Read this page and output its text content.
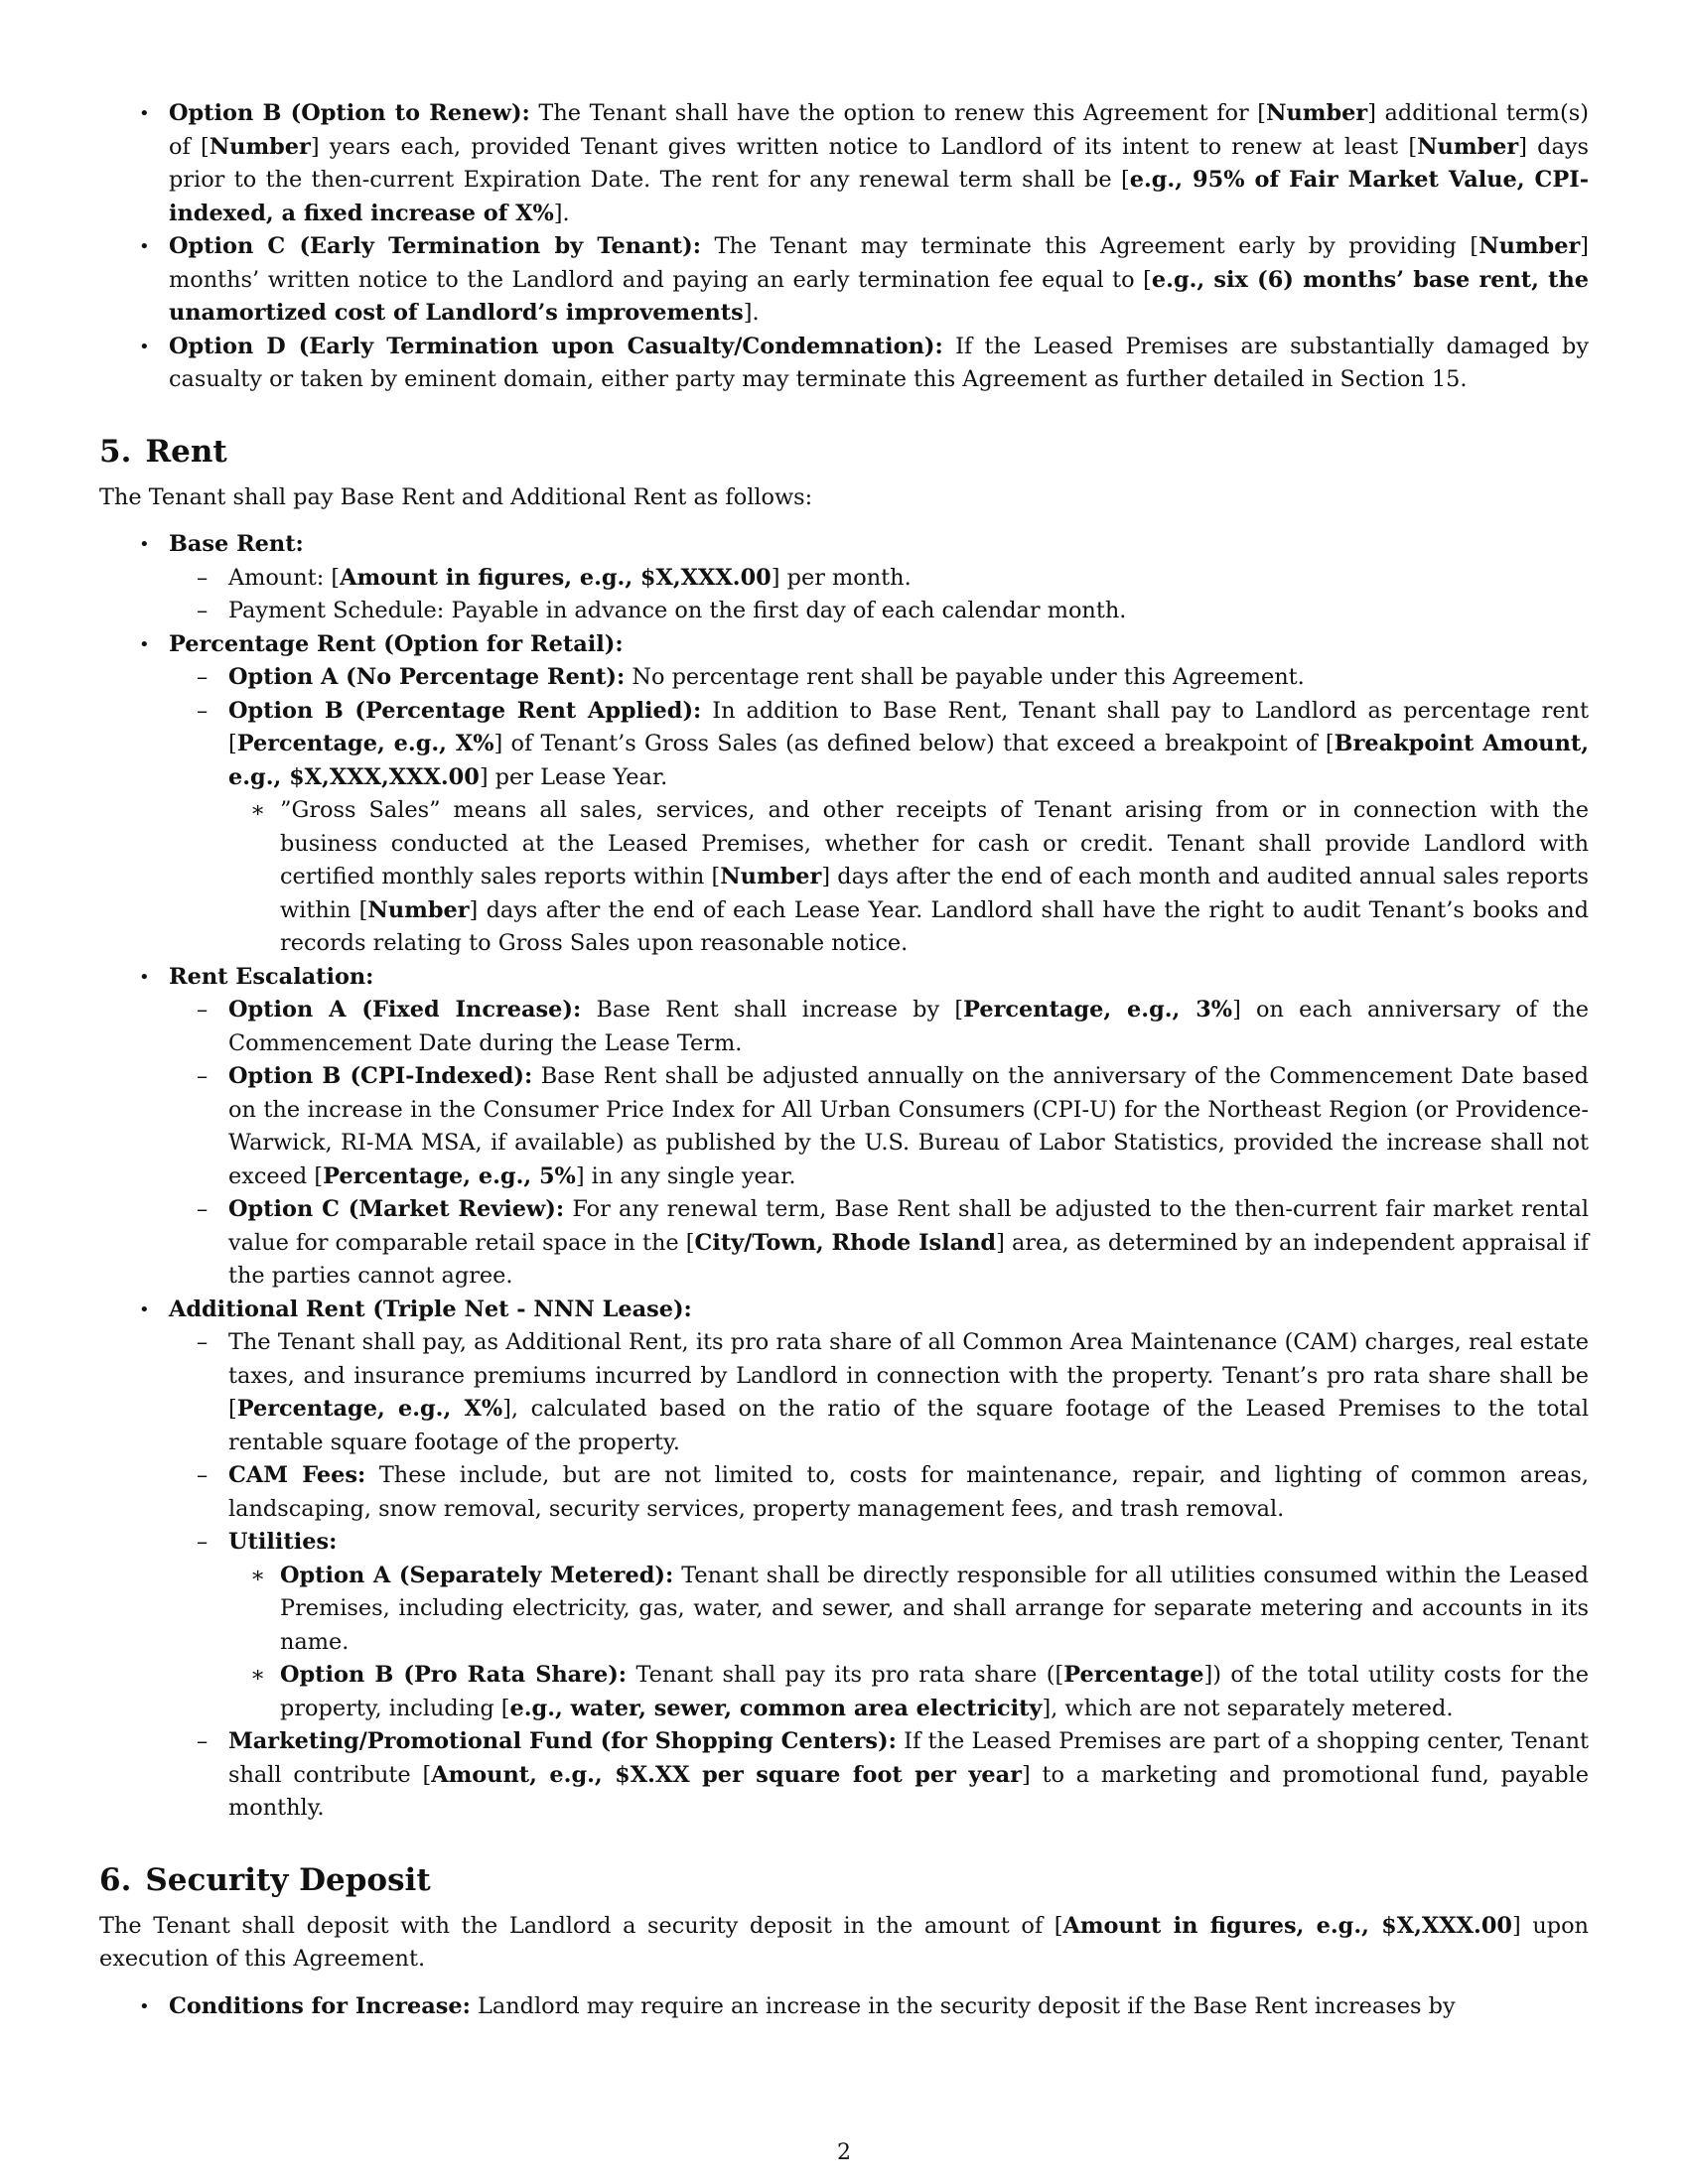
• Option B (Option to Renew): The Tenant shall have the option to renew this Agreement for [Number] additional term(s) of [Number] years each, provided Tenant gives written notice to Landlord of its intent to renew at least [Number] days prior to the then-current Expiration Date. The rent for any renewal term shall be [e.g., 95% of Fair Market Value, CPI-indexed, a fixed increase of X%].
• Option C (Early Termination by Tenant): The Tenant may terminate this Agreement early by providing [Number] months’ written notice to the Landlord and paying an early termination fee equal to [e.g., six (6) months’ base rent, the unamortized cost of Landlord’s improvements].
• Option D (Early Termination upon Casualty/Condemnation): If the Leased Premises are substantially damaged by casualty or taken by eminent domain, either party may terminate this Agreement as further detailed in Section 15.
5. Rent

The Tenant shall pay Base Rent and Additional Rent as follows:

• Base Rent:
– Amount: [Amount in figures, e.g., $X,XXX.00] per month.
– Payment Schedule: Payable in advance on the first day of each calendar month.
• Percentage Rent (Option for Retail):
– Option A (No Percentage Rent): No percentage rent shall be payable under this Agreement.
– Option B (Percentage Rent Applied): In addition to Base Rent, Tenant shall pay to Landlord as percentage rent [Percentage, e.g., X%] of Tenant’s Gross Sales (as defined below) that exceed a breakpoint of [Breakpoint Amount, e.g., $X,XXX,XXX.00] per Lease Year.
∗ ”Gross Sales” means all sales, services, and other receipts of Tenant arising from or in connection with the business conducted at the Leased Premises, whether for cash or credit. Tenant shall provide Landlord with certified monthly sales reports within [Number] days after the end of each month and audited annual sales reports within [Number] days after the end of each Lease Year. Landlord shall have the right to audit Tenant’s books and records relating to Gross Sales upon reasonable notice.
• Rent Escalation:
– Option A (Fixed Increase): Base Rent shall increase by [Percentage, e.g., 3%] on each anniversary of the Commencement Date during the Lease Term.
– Option B (CPI-Indexed): Base Rent shall be adjusted annually on the anniversary of the Commencement Date based on the increase in the Consumer Price Index for All Urban Consumers (CPI-U) for the Northeast Region (or Providence-Warwick, RI-MA MSA, if available) as published by the U.S. Bureau of Labor Statistics, provided the increase shall not exceed [Percentage, e.g., 5%] in any single year.
– Option C (Market Review): For any renewal term, Base Rent shall be adjusted to the then-current fair market rental value for comparable retail space in the [City/Town, Rhode Island] area, as determined by an independent appraisal if the parties cannot agree.
• Additional Rent (Triple Net - NNN Lease):
– The Tenant shall pay, as Additional Rent, its pro rata share of all Common Area Maintenance (CAM) charges, real estate taxes, and insurance premiums incurred by Landlord in connection with the property. Tenant’s pro rata share shall be [Percentage, e.g., X%], calculated based on the ratio of the square footage of the Leased Premises to the total rentable square footage of the property.
– CAM Fees: These include, but are not limited to, costs for maintenance, repair, and lighting of common areas, landscaping, snow removal, security services, property management fees, and trash removal.
– Utilities:
∗ Option A (Separately Metered): Tenant shall be directly responsible for all utilities consumed within the Leased Premises, including electricity, gas, water, and sewer, and shall arrange for separate metering and accounts in its name.
∗ Option B (Pro Rata Share): Tenant shall pay its pro rata share ([Percentage]) of the total utility costs for the property, including [e.g., water, sewer, common area electricity], which are not separately metered.
– Marketing/Promotional Fund (for Shopping Centers): If the Leased Premises are part of a shopping center, Tenant shall contribute [Amount, e.g., $X.XX per square foot per year] to a marketing and promotional fund, payable monthly.
6. Security Deposit

The Tenant shall deposit with the Landlord a security deposit in the amount of [Amount in figures, e.g., $X,XXX.00] upon execution of this Agreement.

• Conditions for Increase: Landlord may require an increase in the security deposit if the Base Rent increases by
2
